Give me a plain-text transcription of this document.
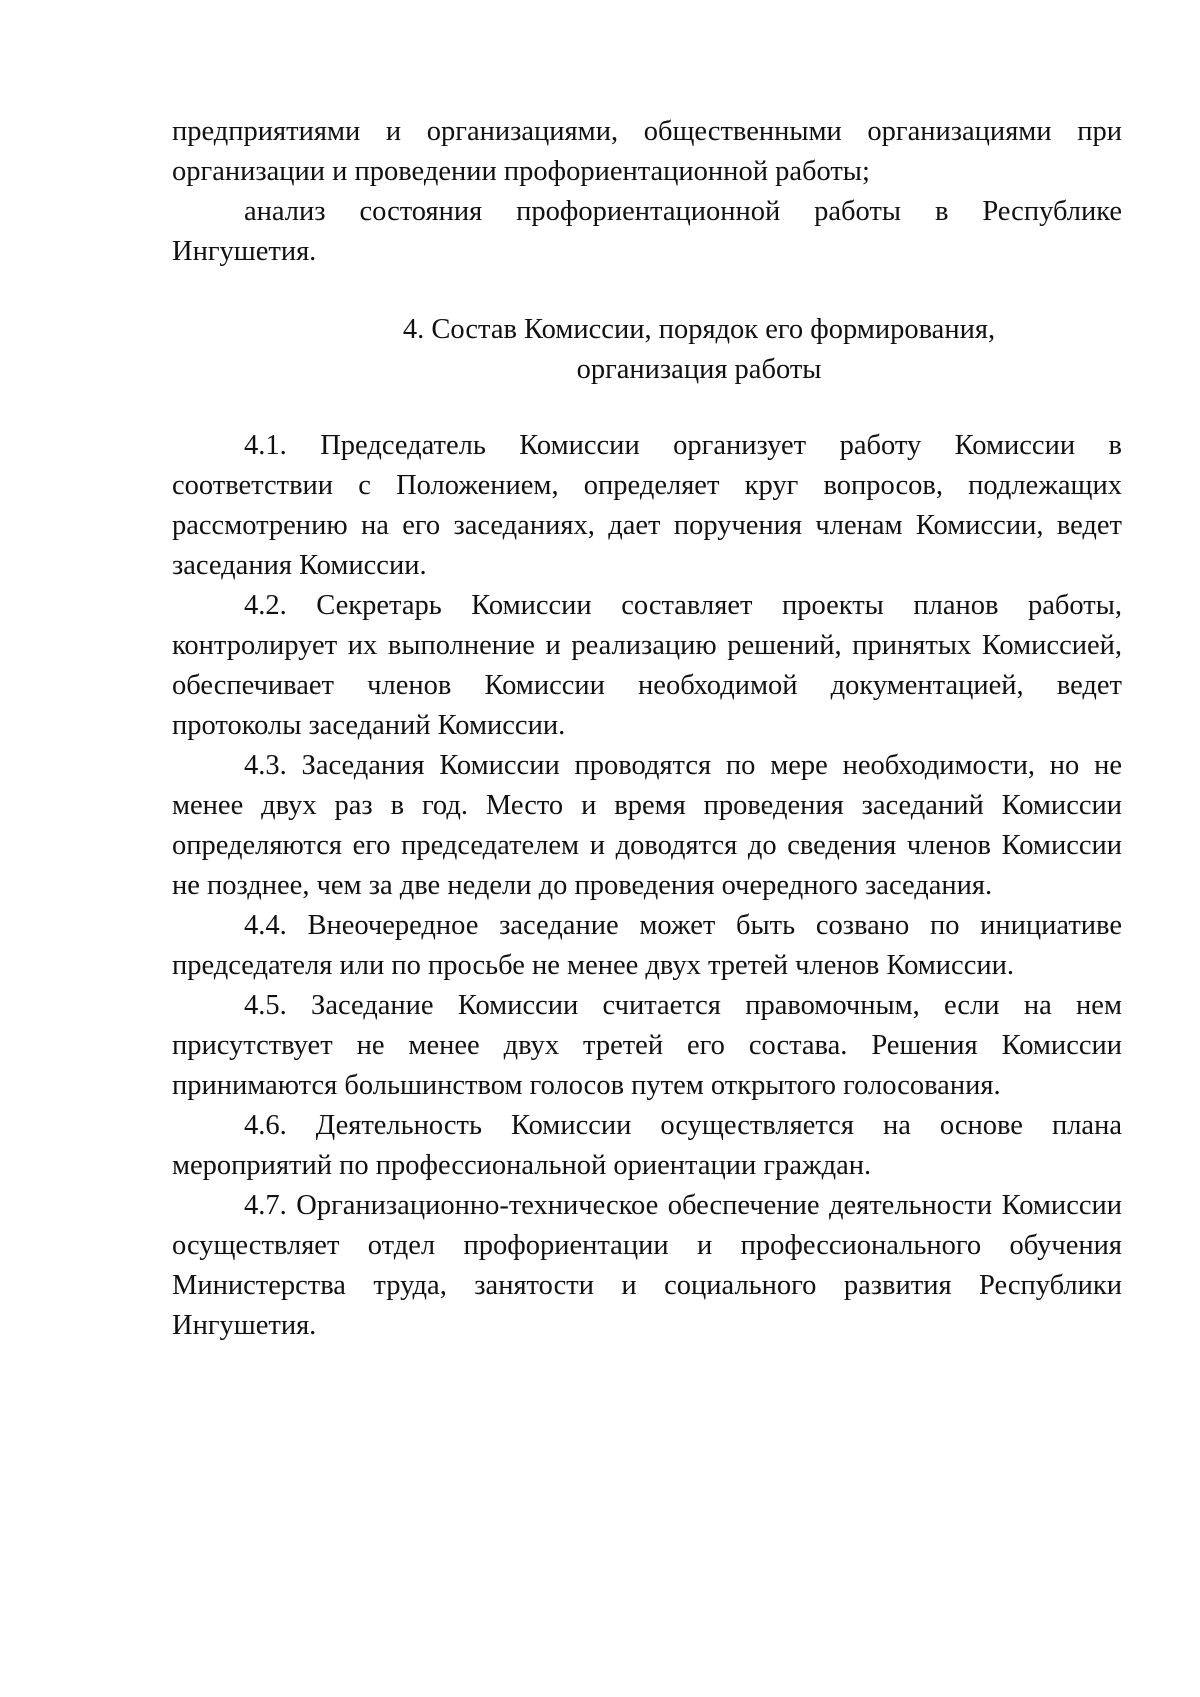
предприятиями и организациями, общественными организациями при организации и проведении профориентационной работы;

анализ состояния профориентационной работы в Республике Ингушетия.

4. Состав Комиссии, порядок его формирования,
организация работы

4.1. Председатель Комиссии организует работу Комиссии в соответствии с Положением, определяет круг вопросов, подлежащих рассмотрению на его заседаниях, дает поручения членам Комиссии, ведет заседания Комиссии.

4.2. Секретарь Комиссии составляет проекты планов работы, контролирует их выполнение и реализацию решений, принятых Комиссией, обеспечивает членов Комиссии необходимой документацией, ведет протоколы заседаний Комиссии.

4.3. Заседания Комиссии проводятся по мере необходимости, но не менее двух раз в год. Место и время проведения заседаний Комиссии определяются его председателем и доводятся до сведения членов Комиссии не позднее, чем за две недели до проведения очередного заседания.

4.4. Внеочередное заседание может быть созвано по инициативе председателя или по просьбе не менее двух третей членов Комиссии.

4.5. Заседание Комиссии считается правомочным, если на нем присутствует не менее двух третей его состава. Решения Комиссии принимаются большинством голосов путем открытого голосования.

4.6. Деятельность Комиссии осуществляется на основе плана мероприятий по профессиональной ориентации граждан.

4.7. Организационно-техническое обеспечение деятельности Комиссии осуществляет отдел профориентации и профессионального обучения Министерства труда, занятости и социального развития Республики Ингушетия.
